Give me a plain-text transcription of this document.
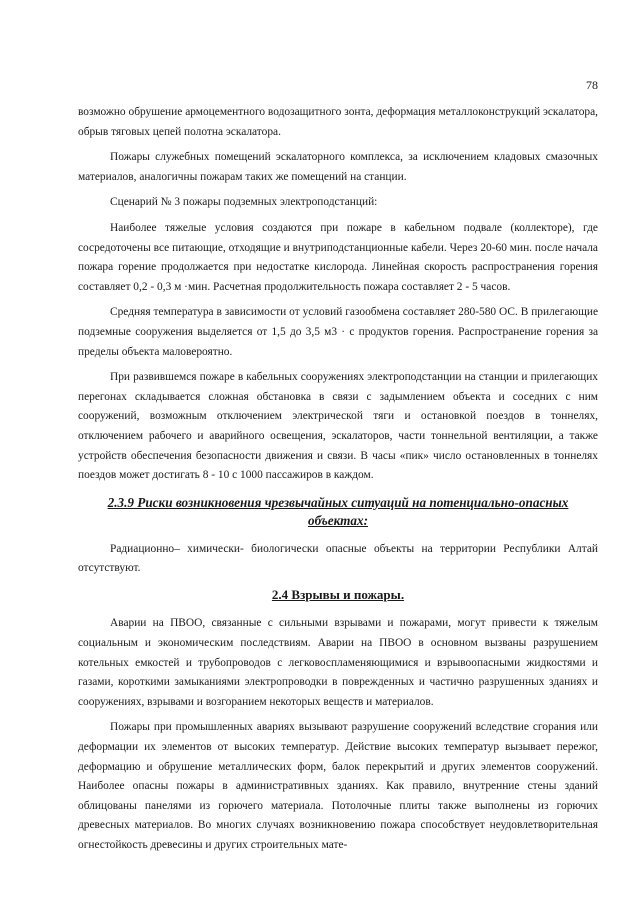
78

возможно обрушение армоцементного водозащитного зонта, деформация металлоконструкций эскалатора, обрыв тяговых цепей полотна эскалатора.

Пожары служебных помещений эскалаторного комплекса, за исключением кладовых смазочных материалов, аналогичны пожарам таких же помещений на станции.

Сценарий № 3 пожары подземных электроподстанций:

Наиболее тяжелые условия создаются при пожаре в кабельном подвале (коллекторе), где сосредоточены все питающие, отходящие и внутриподстанционные кабели. Через 20-60 мин. после начала пожара горение продолжается при недостатке кислорода. Линейная скорость распространения горения составляет 0,2 - 0,3 м ·мин. Расчетная продолжительность пожара составляет 2 - 5 часов.

Средняя температура в зависимости от условий газообмена составляет 280-580 ОС. В прилегающие подземные сооружения выделяется от 1,5 до 3,5 м3 · с продуктов горения. Распространение горения за пределы объекта маловероятно.

При развившемся пожаре в кабельных сооружениях электроподстанции на станции и прилегающих перегонах складывается сложная обстановка в связи с задымлением объекта и соседних с ним сооружений, возможным отключением электрической тяги и остановкой поездов в тоннелях, отключением рабочего и аварийного освещения, эскалаторов, части тоннельной вентиляции, а также устройств обеспечения безопасности движения и связи. В часы «пик» число остановленных в тоннелях поездов может достигать 8 - 10 с 1000 пассажиров в каждом.

2.3.9 Риски возникновения чрезвычайных ситуаций на потенциально-опасных объектах:

Радиационно– химически- биологически опасные объекты на территории Республики Алтай отсутствуют.

2.4 Взрывы и пожары.

Аварии на ПВОО, связанные с сильными взрывами и пожарами, могут привести к тяжелым социальным и экономическим последствиям. Аварии на ПВОО в основном вызваны разрушением котельных емкостей и трубопроводов с легковоспламеняющимися и взрывоопасными жидкостями и газами, короткими замыканиями электропроводки в поврежденных и частично разрушенных зданиях и сооружениях, взрывами и возгоранием некоторых веществ и материалов.

Пожары при промышленных авариях вызывают разрушение сооружений вследствие сгорания или деформации их элементов от высоких температур. Действие высоких температур вызывает пережог, деформацию и обрушение металлических форм, балок перекрытий и других элементов сооружений. Наиболее опасны пожары в административных зданиях. Как правило, внутренние стены зданий облицованы панелями из горючего материала. Потолочные плиты также выполнены из горючих древесных материалов. Во многих случаях возникновению пожара способствует неудовлетворительная огнестойкость древесины и других строительных мате-
